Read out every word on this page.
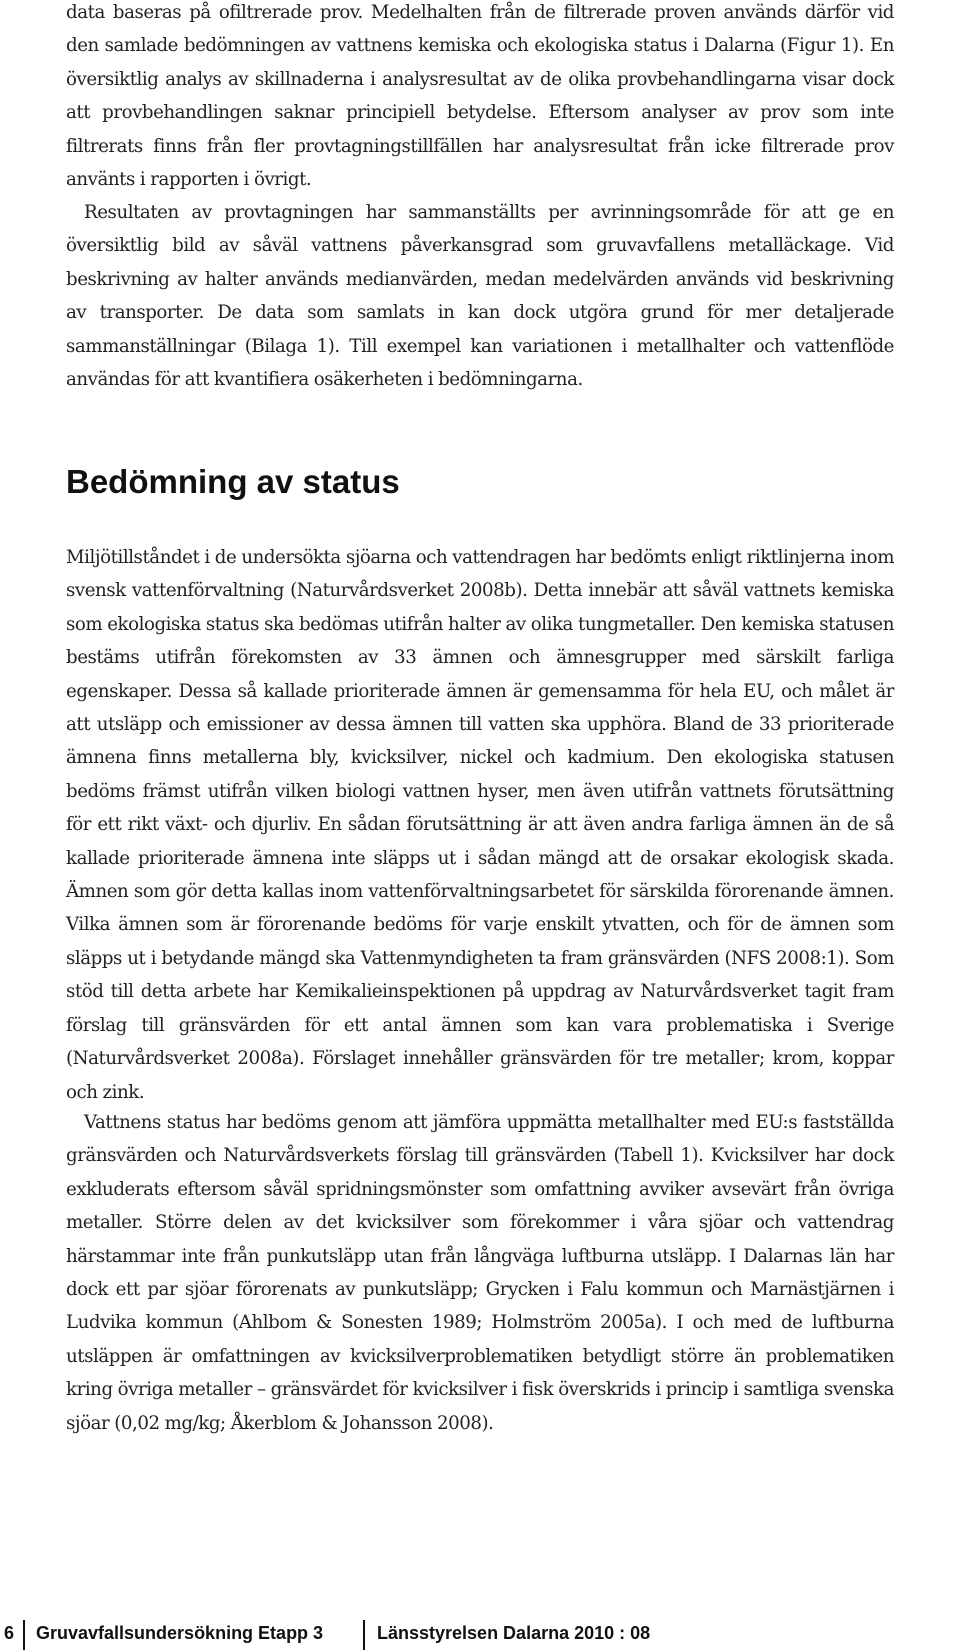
data baseras på ofiltrerade prov. Medelhalten från de filtrerade proven används därför vid den samlade bedömningen av vattnens kemiska och ekologiska status i Dalarna (Figur 1). En översiktlig analys av skillnaderna i analysresultat av de olika provbehandlingarna visar dock att provbehandlingen saknar principiell betydelse. Eftersom analyser av prov som inte filtrerats finns från fler provtagningstillfällen har analysresultat från icke filtrerade prov använts i rapporten i övrigt.

Resultaten av provtagningen har sammanställts per avrinningsområde för att ge en översiktlig bild av såväl vattnens påverkansgrad som gruvavfallens metalläckage. Vid beskrivning av halter används medianvärden, medan medelvärden används vid beskrivning av transporter. De data som samlats in kan dock utgöra grund för mer detaljerade sammanställningar (Bilaga 1). Till exempel kan variationen i metallhalter och vattenflöde användas för att kvantifiera osäkerheten i bedömningarna.

Bedömning av status

Miljötillståndet i de undersökta sjöarna och vattendragen har bedömts enligt riktlinjerna inom svensk vattenförvaltning (Naturvårdsverket 2008b). Detta innebär att såväl vattnets kemiska som ekologiska status ska bedömas utifrån halter av olika tungmetaller. Den kemiska statusen bestäms utifrån förekomsten av 33 ämnen och ämnesgrupper med särskilt farliga egenskaper. Dessa så kallade prioriterade ämnen är gemensamma för hela EU, och målet är att utsläpp och emissioner av dessa ämnen till vatten ska upphöra. Bland de 33 prioriterade ämnena finns metallerna bly, kvicksilver, nickel och kadmium. Den ekologiska statusen bedöms främst utifrån vilken biologi vattnen hyser, men även utifrån vattnets förutsättning för ett rikt växt- och djurliv. En sådan förutsättning är att även andra farliga ämnen än de så kallade prioriterade ämnena inte släpps ut i sådan mängd att de orsakar ekologisk skada. Ämnen som gör detta kallas inom vattenförvaltningsarbetet för särskilda förorenande ämnen. Vilka ämnen som är förorenande bedöms för varje enskilt ytvatten, och för de ämnen som släpps ut i betydande mängd ska Vattenmyndigheten ta fram gränsvärden (NFS 2008:1). Som stöd till detta arbete har Kemikalieinspektionen på uppdrag av Naturvårdsverket tagit fram förslag till gränsvärden för ett antal ämnen som kan vara problematiska i Sverige (Naturvårdsverket 2008a). Förslaget innehåller gränsvärden för tre metaller; krom, koppar och zink.

Vattnens status har bedöms genom att jämföra uppmätta metallhalter med EU:s fastställda gränsvärden och Naturvårdsverkets förslag till gränsvärden (Tabell 1). Kvicksilver har dock exkluderats eftersom såväl spridningsmönster som omfattning avviker avsevärt från övriga metaller. Större delen av det kvicksilver som förekommer i våra sjöar och vattendrag härstammar inte från punkutsläpp utan från långväga luftburna utsläpp. I Dalarnas län har dock ett par sjöar förorenats av punkutsläpp; Grycken i Falu kommun och Marnästjärnen i Ludvika kommun (Ahlbom & Sonesten 1989; Holmström 2005a). I och med de luftburna utsläppen är omfattningen av kvicksilverproblematiken betydligt större än problematiken kring övriga metaller – gränsvärdet för kvicksilver i fisk överskrids i princip i samtliga svenska sjöar (0,02 mg/kg; Åkerblom & Johansson 2008).

6 Gruvavfallsundersökning Etapp 3	Länsstyrelsen Dalarna 2010 : 08
